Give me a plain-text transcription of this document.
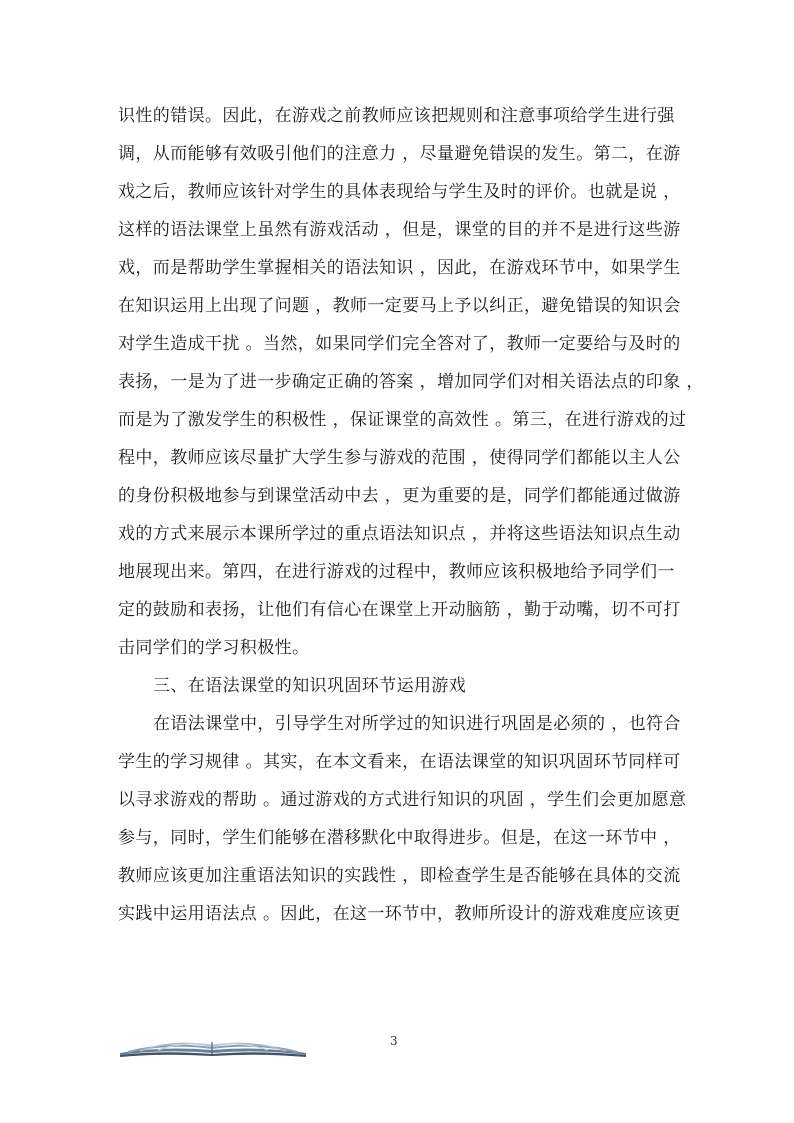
识性的错误。因此，在游戏之前教师应该把规则和注意事项给学生进行强
调，从而能够有效吸引他们的注意力 ，尽量避免错误的发生。第二，在游
戏之后，教师应该针对学生的具体表现给与学生及时的评价。也就是说 ，
这样的语法课堂上虽然有游戏活动 ，但是，课堂的目的并不是进行这些游
戏，而是帮助学生掌握相关的语法知识 ，因此，在游戏环节中，如果学生
在知识运用上出现了问题 ，教师一定要马上予以纠正，避免错误的知识会
对学生造成干扰 。当然，如果同学们完全答对了，教师一定要给与及时的
表扬，一是为了进一步确定正确的答案 ，增加同学们对相关语法点的印象 ，
而是为了激发学生的积极性 ，保证课堂的高效性 。第三，在进行游戏的过
程中，教师应该尽量扩大学生参与游戏的范围 ，使得同学们都能以主人公
的身份积极地参与到课堂活动中去 ，更为重要的是，同学们都能通过做游
戏的方式来展示本课所学过的重点语法知识点 ，并将这些语法知识点生动
地展现出来。第四，在进行游戏的过程中，教师应该积极地给予同学们一
定的鼓励和表扬，让他们有信心在课堂上开动脑筋 ，勤于动嘴，切不可打
击同学们的学习积极性。
三、在语法课堂的知识巩固环节运用游戏
在语法课堂中，引导学生对所学过的知识进行巩固是必须的 ，也符合
学生的学习规律 。其实，在本文看来，在语法课堂的知识巩固环节同样可
以寻求游戏的帮助 。通过游戏的方式进行知识的巩固 ，学生们会更加愿意
参与，同时，学生们能够在潜移默化中取得进步。但是，在这一环节中 ，
教师应该更加注重语法知识的实践性 ，即检查学生是否能够在具体的交流
实践中运用语法点 。因此，在这一环节中，教师所设计的游戏难度应该更
3
